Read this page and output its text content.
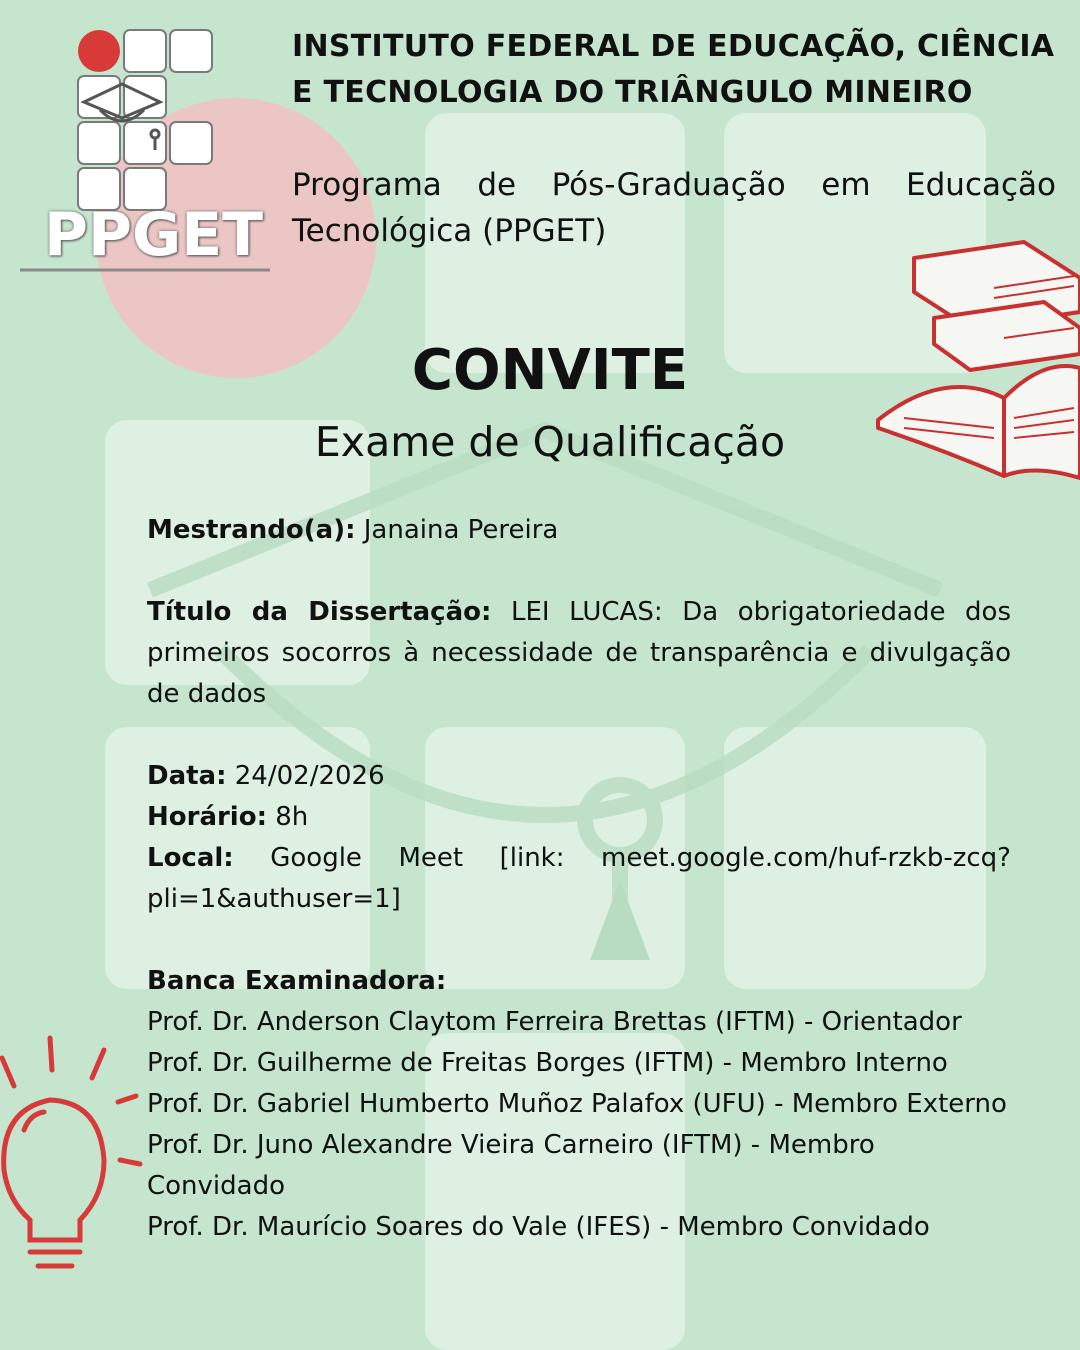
PPGET
INSTITUTO FEDERAL DE EDUCAÇÃO, CIÊNCIA E TECNOLOGIA DO TRIÂNGULO MINEIRO
Programa de Pós-Graduação em Educação Tecnológica (PPGET)
CONVITE
Exame de Qualificação

Mestrando(a): Janaina Pereira

Título da Dissertação: LEI LUCAS: Da obrigatoriedade dos primeiros socorros à necessidade de transparência e divulgação de dados

Data: 24/02/2026

Horário: 8h

Local: Google Meet [link: meet.google.com/huf-rzkb-zcq?pli=1&authuser=1]

Banca Examinadora:

Prof. Dr. Anderson Claytom Ferreira Brettas (IFTM) - Orientador

Prof. Dr. Guilherme de Freitas Borges (IFTM) - Membro Interno

Prof. Dr. Gabriel Humberto Muñoz Palafox (UFU) - Membro Externo

Prof. Dr. Juno Alexandre Vieira Carneiro (IFTM) - Membro Convidado

Prof. Dr. Maurício Soares do Vale (IFES) - Membro Convidado
